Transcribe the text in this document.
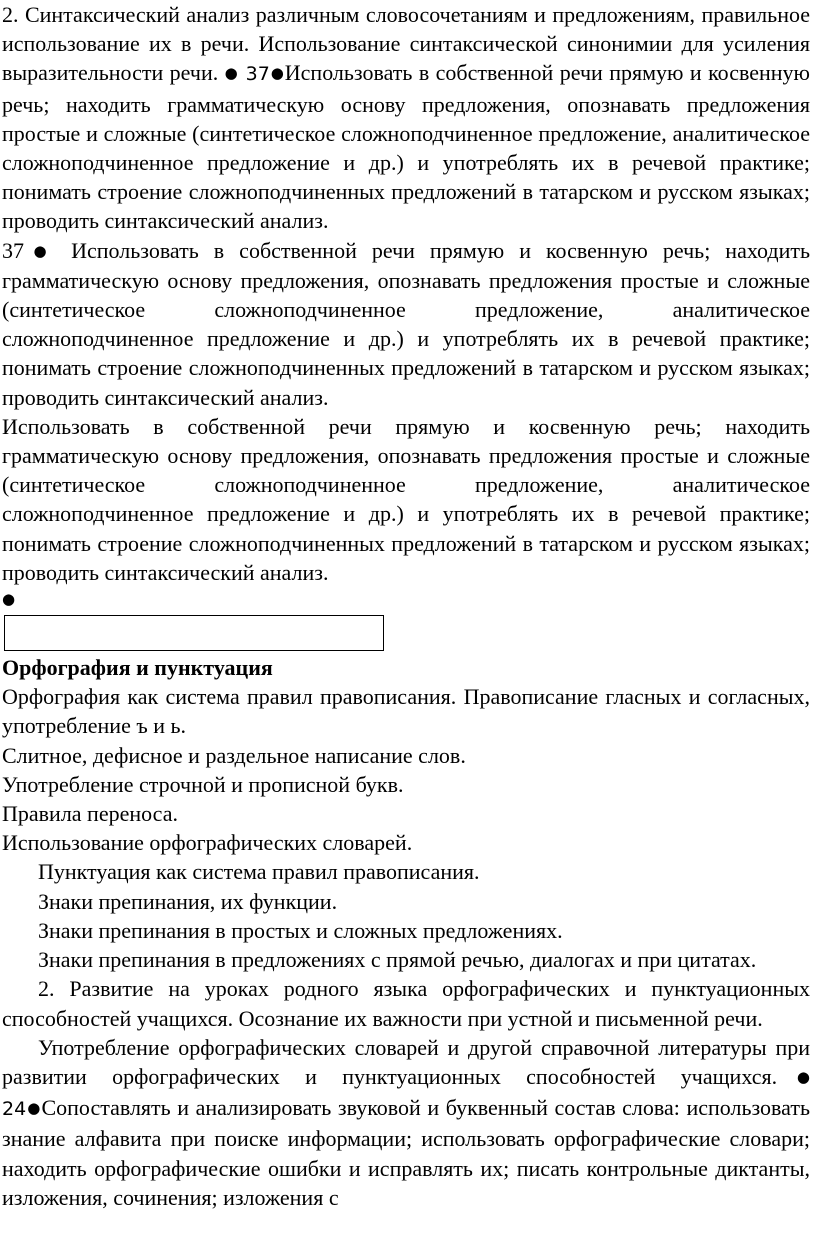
2. Синтаксический анализ различным словосочетаниям и предложениям, правильное использование их в речи. Использование синтаксической синонимии для усиления выразительности речи. ● 37●Использовать в собственной речи прямую и косвенную речь; находить грамматическую основу предложения, опознавать предложения простые и сложные (синтетическое сложноподчиненное предложение, аналитическое сложноподчиненное предложение и др.) и употреблять их в речевой практике; понимать строение сложноподчиненных предложений в татарском и русском языках; проводить синтаксический анализ.

37● Использовать в собственной речи прямую и косвенную речь; находить грамматическую основу предложения, опознавать предложения простые и сложные (синтетическое сложноподчиненное предложение, аналитическое сложноподчиненное предложение и др.) и употреблять их в речевой практике; понимать строение сложноподчиненных предложений в татарском и русском языках; проводить синтаксический анализ.

Использовать в собственной речи прямую и косвенную речь; находить грамматическую основу предложения, опознавать предложения простые и сложные (синтетическое сложноподчиненное предложение, аналитическое сложноподчиненное предложение и др.) и употреблять их в речевой практике; понимать строение сложноподчиненных предложений в татарском и русском языках; проводить синтаксический анализ.

●

Орфография и пунктуация

Орфография как система правил правописания. Правописание гласных и согласных, употребление ъ и ь.

Слитное, дефисное и раздельное написание слов.

Употребление строчной и прописной букв.

Правила переноса.

Использование орфографических словарей.

Пунктуация как система правил правописания.

Знаки препинания, их функции.

Знаки препинания в простых и сложных предложениях.

Знаки препинания в предложениях с прямой речью, диалогах и при цитатах.

2. Развитие на уроках родного языка орфографических и пунктуационных способностей учащихся. Осознание их важности при устной и письменной речи.

Употребление орфографических словарей и другой справочной литературы при развитии орфографических и пунктуационных способностей учащихся.● 24●Сопоставлять и анализировать звуковой и буквенный состав слова: использовать знание алфавита при поиске информации; использовать орфографические словари; находить орфографические ошибки и исправлять их; писать контрольные диктанты, изложения, сочинения; изложения с
